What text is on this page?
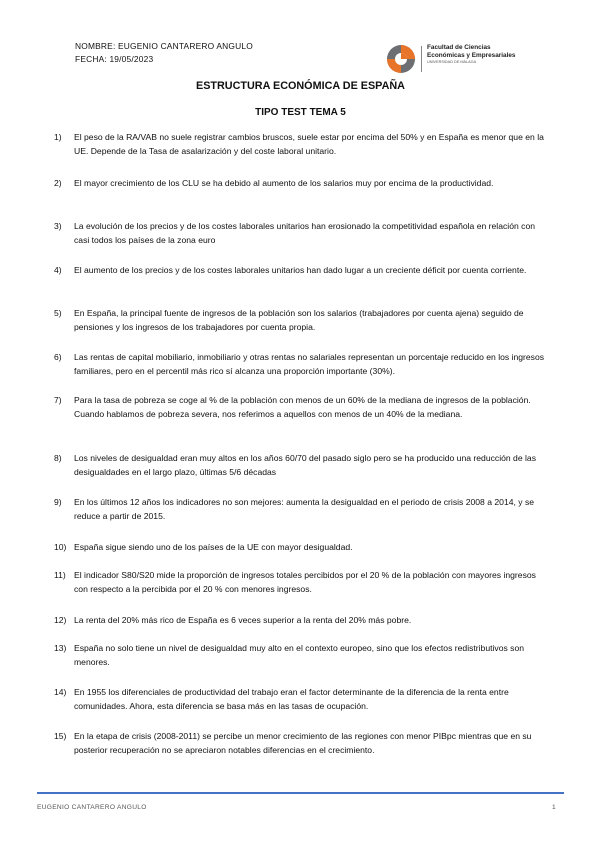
NOMBRE: EUGENIO CANTARERO ANGULO
FECHA: 19/05/2023
Facultad de Ciencias
Económicas y Empresariales
UNIVERSIDAD DE MÁLAGA
ESTRUCTURA ECONÓMICA DE ESPAÑA
TIPO TEST TEMA 5
1)	El peso de la RA/VAB no suele registrar cambios bruscos, suele estar por encima del 50% y en España es menor que en la UE. Depende de la Tasa de asalarización y del coste laboral unitario.
2)	El mayor crecimiento de los CLU se ha debido al aumento de los salarios muy por encima de la productividad.
3)	La evolución de los precios y de los costes laborales unitarios han erosionado la competitividad española en relación con casi todos los países de la zona euro
4)	El aumento de los precios y de los costes laborales unitarios han dado lugar a un creciente déficit por cuenta corriente.
5)	En España, la principal fuente de ingresos de la población son los salarios (trabajadores por cuenta ajena) seguido de pensiones y los ingresos de los trabajadores por cuenta propia.
6)	Las rentas de capital mobiliario, inmobiliario y otras rentas no salariales representan un porcentaje reducido en los ingresos familiares, pero en el percentil más rico sí alcanza una proporción importante (30%).
7)	Para la tasa de pobreza se coge al % de la población con menos de un 60% de la mediana de ingresos de la población. Cuando hablamos de pobreza severa, nos referimos a aquellos con menos de un 40% de la mediana.
8)	Los niveles de desigualdad eran muy altos en los años 60/70 del pasado siglo pero se ha producido una reducción de las desigualdades en el largo plazo, últimas 5/6 décadas
9)	En los últimos 12 años los indicadores no son mejores: aumenta la desigualdad en el periodo de crisis 2008 a 2014, y se reduce a partir de 2015.
10) España sigue siendo uno de los países de la UE con mayor desigualdad.
11) El indicador S80/S20 mide la proporción de ingresos totales percibidos por el 20 % de la población con mayores ingresos con respecto a la percibida por el 20 % con menores ingresos.
12) La renta del 20% más rico de España es 6 veces superior a la renta del 20% más pobre.
13) España no solo tiene un nivel de desigualdad muy alto en el contexto europeo, sino que los efectos redistributivos son menores.
14) En 1955 los diferenciales de productividad del trabajo eran el factor determinante de la diferencia de la renta entre comunidades. Ahora, esta diferencia se basa más en las tasas de ocupación.
15) En la etapa de crisis (2008-2011) se percibe un menor crecimiento de las regiones con menor PIBpc mientras que en su posterior recuperación no se apreciaron notables diferencias en el crecimiento.
EUGENIO CANTARERO ANGULO	1
